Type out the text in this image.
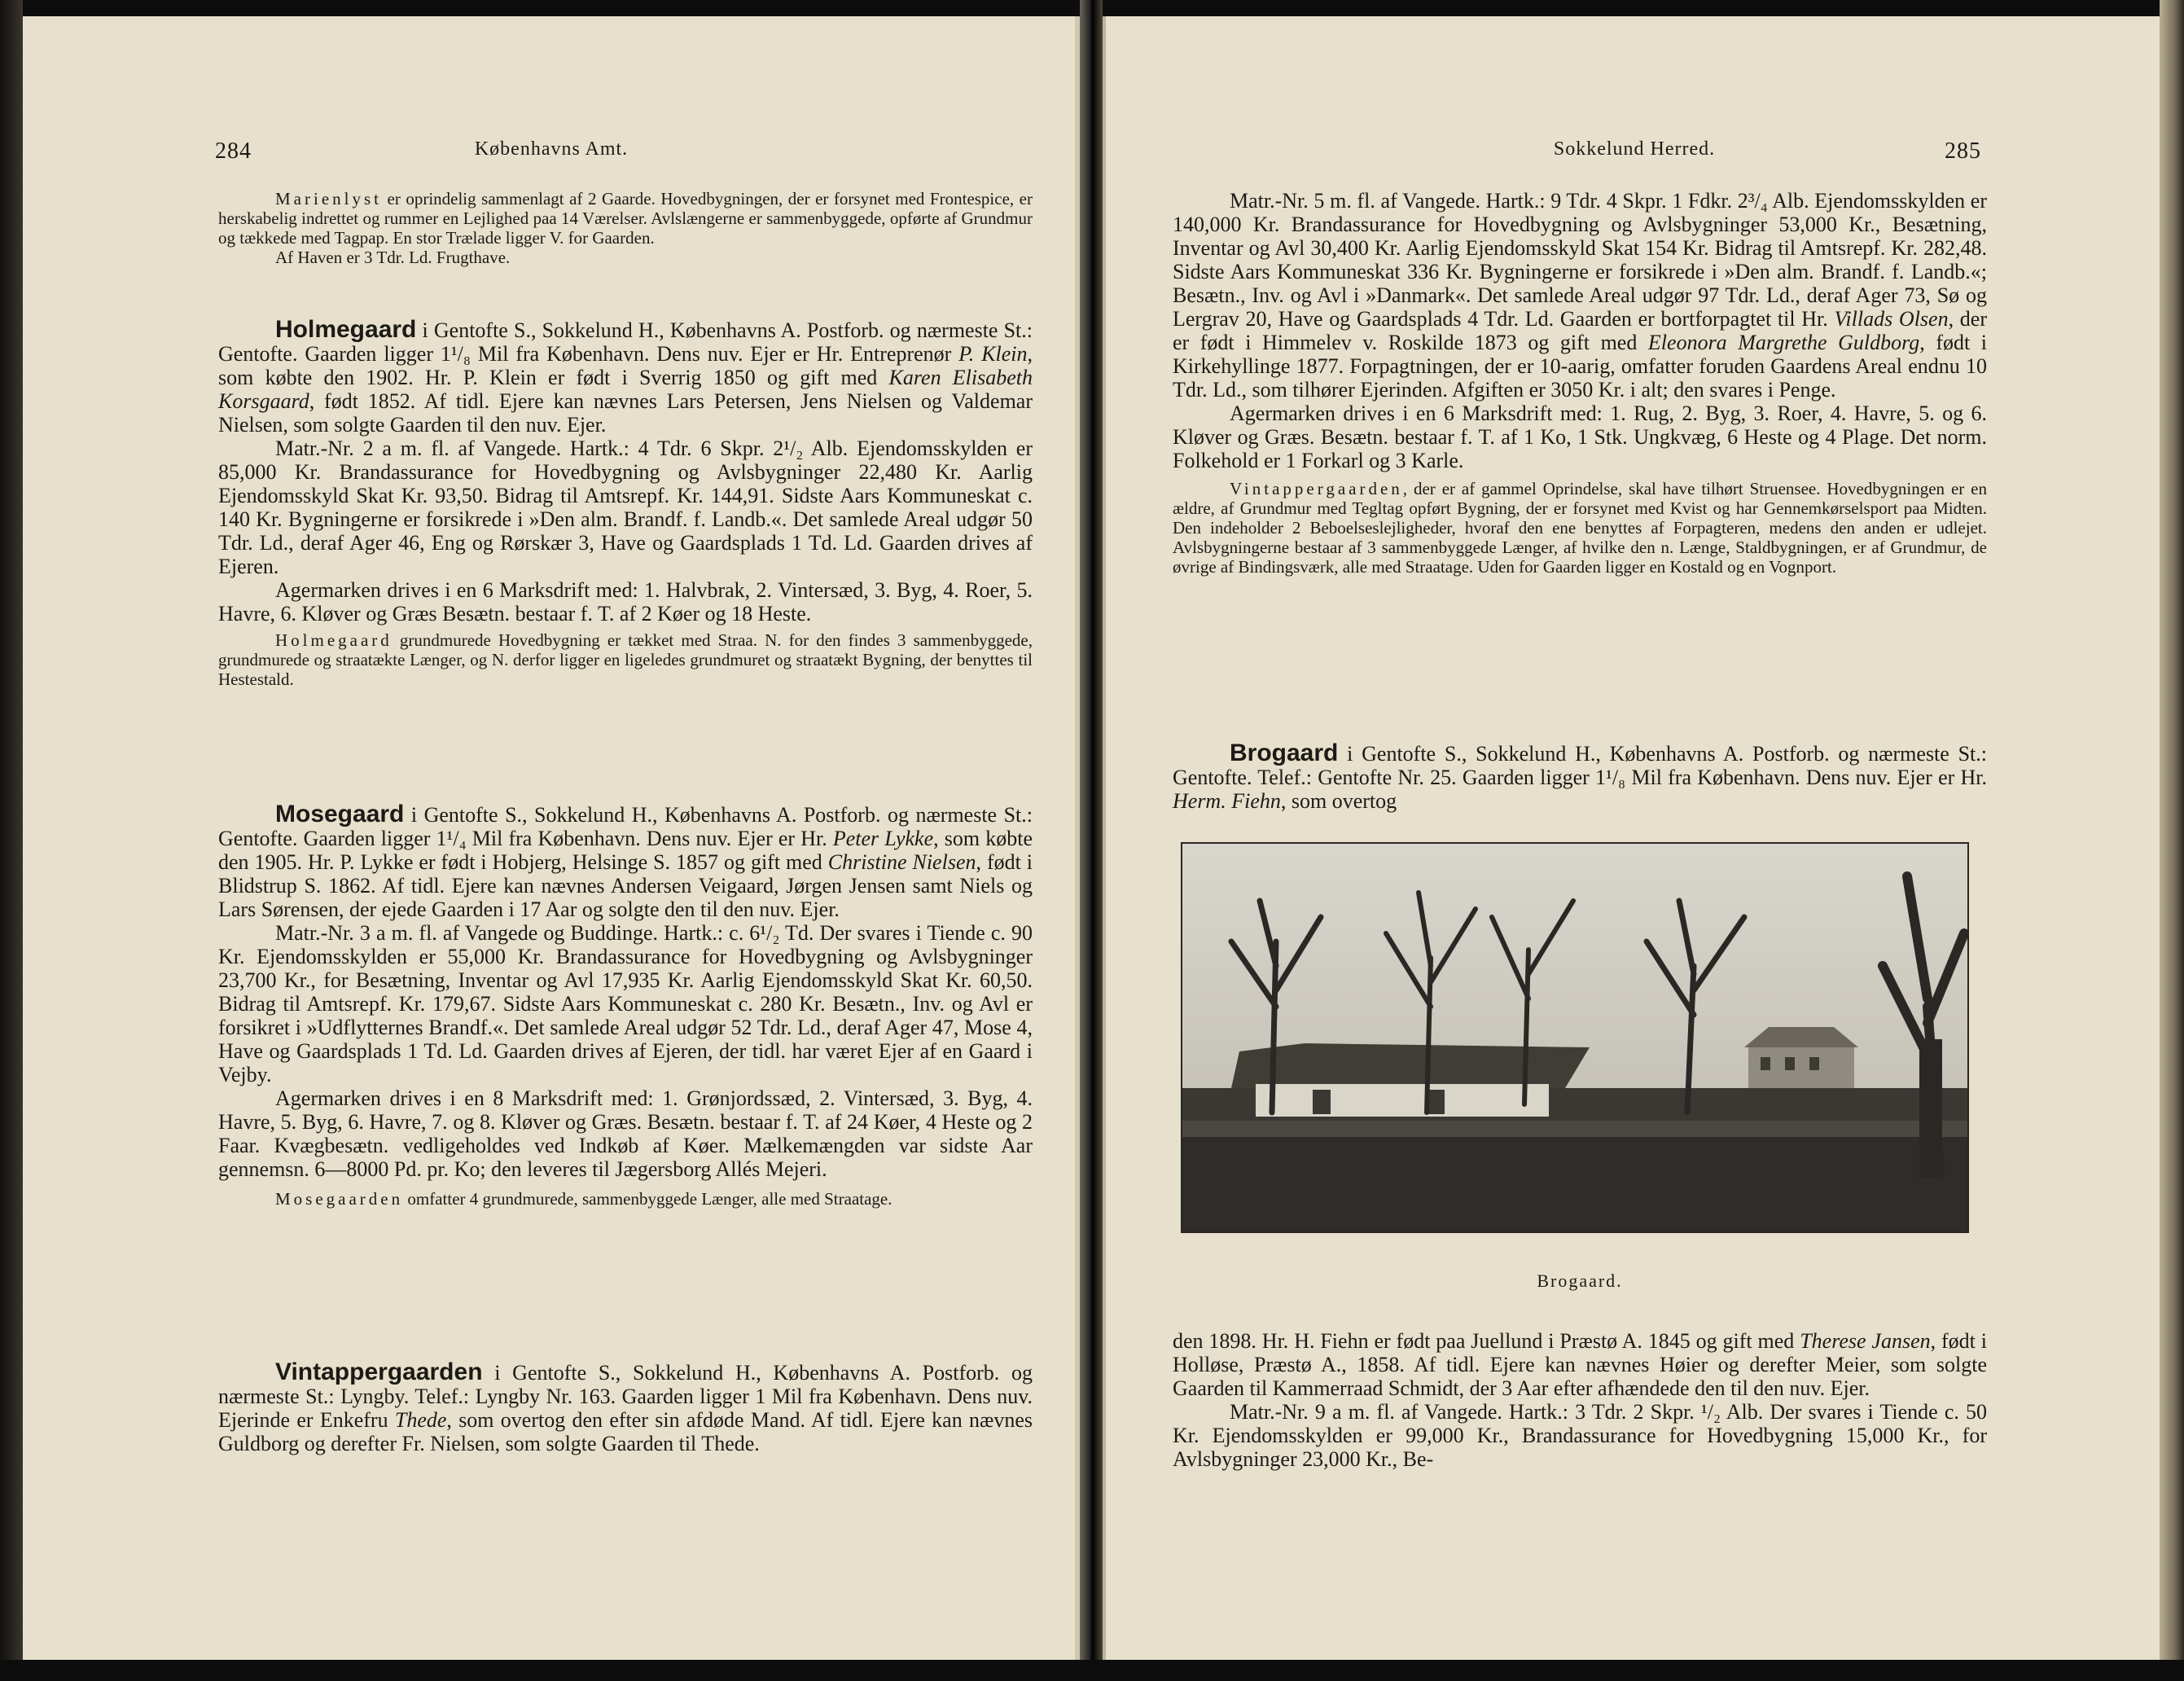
284	Københavns Amt.

Marienlyst er oprindelig sammenlagt af 2 Gaarde. Hovedbygningen, der er forsynet med Frontespice, er herskabelig indrettet og rummer en Lejlighed paa 14 Værelser. Avlslængerne er sammenbyggede, opførte af Grundmur og tækkede med Tagpap. En stor Trælade ligger V. for Gaarden.

Af Haven er 3 Tdr. Ld. Frugthave.

Holmegaard i Gentofte S., Sokkelund H., Københavns A. Postforb. og nærmeste St.: Gentofte. Gaarden ligger 1¹/₈ Mil fra København. Dens nuv. Ejer er Hr. Entreprenør P. Klein, som købte den 1902. Hr. P. Klein er født i Sverrig 1850 og gift med Karen Elisabeth Korsgaard, født 1852. Af tidl. Ejere kan nævnes Lars Petersen, Jens Nielsen og Valdemar Nielsen, som solgte Gaarden til den nuv. Ejer.

Matr.-Nr. 2 a m. fl. af Vangede. Hartk.: 4 Tdr. 6 Skpr. 2¹/₂ Alb. Ejendomsskylden er 85,000 Kr. Brandassurance for Hovedbygning og Avlsbygninger 22,480 Kr. Aarlig Ejendomsskyld Skat Kr. 93,50. Bidrag til Amtsrepf. Kr. 144,91. Sidste Aars Kommuneskat c. 140 Kr. Bygningerne er forsikrede i »Den alm. Brandf. f. Landb.«. Det samlede Areal udgør 50 Tdr. Ld., deraf Ager 46, Eng og Rørskær 3, Have og Gaardsplads 1 Td. Ld. Gaarden drives af Ejeren.

Agermarken drives i en 6 Marksdrift med: 1. Halvbrak, 2. Vintersæd, 3. Byg, 4. Roer, 5. Havre, 6. Kløver og Græs Besætn. bestaar f. T. af 2 Køer og 18 Heste.

Holmegaard grundmurede Hovedbygning er tækket med Straa. N. for den findes 3 sammenbyggede, grundmurede og straatækte Længer, og N. derfor ligger en ligeledes grundmuret og straatækt Bygning, der benyttes til Hestestald.

Mosegaard i Gentofte S., Sokkelund H., Københavns A. Postforb. og nærmeste St.: Gentofte. Gaarden ligger 1¹/₄ Mil fra København. Dens nuv. Ejer er Hr. Peter Lykke, som købte den 1905. Hr. P. Lykke er født i Hobjerg, Helsinge S. 1857 og gift med Christine Nielsen, født i Blidstrup S. 1862. Af tidl. Ejere kan nævnes Andersen Veigaard, Jørgen Jensen samt Niels og Lars Sørensen, der ejede Gaarden i 17 Aar og solgte den til den nuv. Ejer.

Matr.-Nr. 3 a m. fl. af Vangede og Buddinge. Hartk.: c. 6¹/₂ Td. Der svares i Tiende c. 90 Kr. Ejendomsskylden er 55,000 Kr. Brandassurance for Hovedbygning og Avlsbygninger 23,700 Kr., for Besætning, Inventar og Avl 17,935 Kr. Aarlig Ejendomsskyld Skat Kr. 60,50. Bidrag til Amtsrepf. Kr. 179,67. Sidste Aars Kommuneskat c. 280 Kr. Besætn., Inv. og Avl er forsikret i »Udflytternes Brandf.«. Det samlede Areal udgør 52 Tdr. Ld., deraf Ager 47, Mose 4, Have og Gaardsplads 1 Td. Ld. Gaarden drives af Ejeren, der tidl. har været Ejer af en Gaard i Vejby.

Agermarken drives i en 8 Marksdrift med: 1. Grønjordssæd, 2. Vintersæd, 3. Byg, 4. Havre, 5. Byg, 6. Havre, 7. og 8. Kløver og Græs. Besætn. bestaar f. T. af 24 Køer, 4 Heste og 2 Faar. Kvægbesætn. vedligeholdes ved Indkøb af Køer. Mælkemængden var sidste Aar gennemsn. 6—8000 Pd. pr. Ko; den leveres til Jægersborg Allés Mejeri.

Mosegaarden omfatter 4 grundmurede, sammenbyggede Længer, alle med Straatage.

Vintappergaarden i Gentofte S., Sokkelund H., Københavns A. Postforb. og nærmeste St.: Lyngby. Telef.: Lyngby Nr. 163. Gaarden ligger 1 Mil fra København. Dens nuv. Ejerinde er Enkefru Thede, som overtog den efter sin afdøde Mand. Af tidl. Ejere kan nævnes Guldborg og derefter Fr. Nielsen, som solgte Gaarden til Thede.

Sokkelund Herred.	285

Matr.-Nr. 5 m. fl. af Vangede. Hartk.: 9 Tdr. 4 Skpr. 1 Fdkr. 2³/₄ Alb. Ejendomsskylden er 140,000 Kr. Brandassurance for Hovedbygning og Avlsbygninger 53,000 Kr., Besætning, Inventar og Avl 30,400 Kr. Aarlig Ejendomsskyld Skat 154 Kr. Bidrag til Amtsrepf. Kr. 282,48. Sidste Aars Kommuneskat 336 Kr. Bygningerne er forsikrede i »Den alm. Brandf. f. Landb.«; Besætn., Inv. og Avl i »Danmark«. Det samlede Areal udgør 97 Tdr. Ld., deraf Ager 73, Sø og Lergrav 20, Have og Gaardsplads 4 Tdr. Ld. Gaarden er bortforpagtet til Hr. Villads Olsen, der er født i Himmelev v. Roskilde 1873 og gift med Eleonora Margrethe Guldborg, født i Kirkehyllinge 1877. Forpagtningen, der er 10-aarig, omfatter foruden Gaardens Areal endnu 10 Tdr. Ld., som tilhører Ejerinden. Afgiften er 3050 Kr. i alt; den svares i Penge.

Agermarken drives i en 6 Marksdrift med: 1. Rug, 2. Byg, 3. Roer, 4. Havre, 5. og 6. Kløver og Græs. Besætn. bestaar f. T. af 1 Ko, 1 Stk. Ungkvæg, 6 Heste og 4 Plage. Det norm. Folkehold er 1 Forkarl og 3 Karle.

Vintappergaarden, der er af gammel Oprindelse, skal have tilhørt Struensee. Hovedbygningen er en ældre, af Grundmur med Tegltag opført Bygning, der er forsynet med Kvist og har Gennemkørselsport paa Midten. Den indeholder 2 Beboelseslejligheder, hvoraf den ene benyttes af Forpagteren, medens den anden er udlejet. Avlsbygningerne bestaar af 3 sammenbyggede Længer, af hvilke den n. Længe, Staldbygningen, er af Grundmur, de øvrige af Bindingsværk, alle med Straatage. Uden for Gaarden ligger en Kostald og en Vognport.

Brogaard i Gentofte S., Sokkelund H., Københavns A. Postforb. og nærmeste St.: Gentofte. Telef.: Gentofte Nr. 25. Gaarden ligger 1¹/₈ Mil fra København. Dens nuv. Ejer er Hr. Herm. Fiehn, som overtog

Brogaard.

den 1898. Hr. H. Fiehn er født paa Juellund i Præstø A. 1845 og gift med Therese Jansen, født i Holløse, Præstø A., 1858. Af tidl. Ejere kan nævnes Høier og derefter Meier, som solgte Gaarden til Kammerraad Schmidt, der 3 Aar efter afhændede den til den nuv. Ejer.

Matr.-Nr. 9 a m. fl. af Vangede. Hartk.: 3 Tdr. 2 Skpr. ¹/₂ Alb. Der svares i Tiende c. 50 Kr. Ejendomsskylden er 99,000 Kr., Brandassurance for Hovedbygning 15,000 Kr., for Avlsbygninger 23,000 Kr., Be-
